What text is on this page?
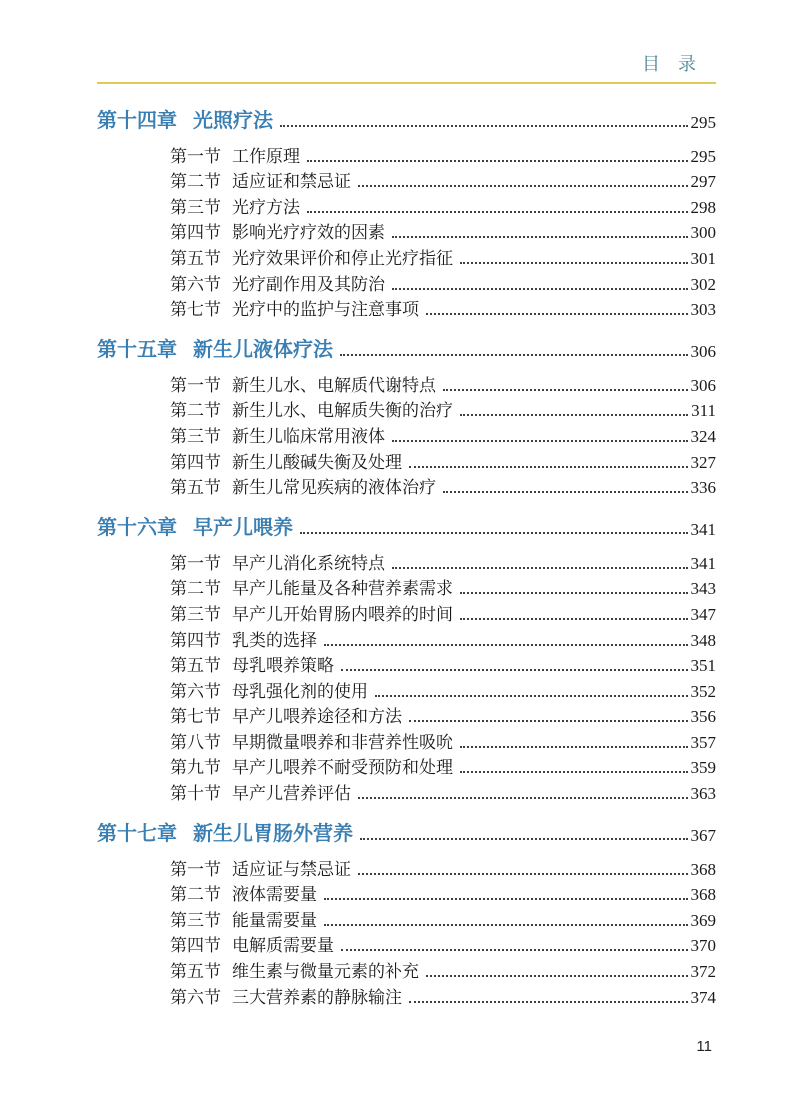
目　录
第十四章 光照疗法	295
第一节 工作原理	295
第二节 适应证和禁忌证	297
第三节 光疗方法	298
第四节 影响光疗疗效的因素	300
第五节 光疗效果评价和停止光疗指征	301
第六节 光疗副作用及其防治	302
第七节 光疗中的监护与注意事项	303
第十五章 新生儿液体疗法	306
第一节 新生儿水、电解质代谢特点	306
第二节 新生儿水、电解质失衡的治疗	311
第三节 新生儿临床常用液体	324
第四节 新生儿酸碱失衡及处理	327
第五节 新生儿常见疾病的液体治疗	336
第十六章 早产儿喂养	341
第一节 早产儿消化系统特点	341
第二节 早产儿能量及各种营养素需求	343
第三节 早产儿开始胃肠内喂养的时间	347
第四节 乳类的选择	348
第五节 母乳喂养策略	351
第六节 母乳强化剂的使用	352
第七节 早产儿喂养途径和方法	356
第八节 早期微量喂养和非营养性吸吮	357
第九节 早产儿喂养不耐受预防和处理	359
第十节 早产儿营养评估	363
第十七章 新生儿胃肠外营养	367
第一节 适应证与禁忌证	368
第二节 液体需要量	368
第三节 能量需要量	369
第四节 电解质需要量	370
第五节 维生素与微量元素的补充	372
第六节 三大营养素的静脉输注	374
11
